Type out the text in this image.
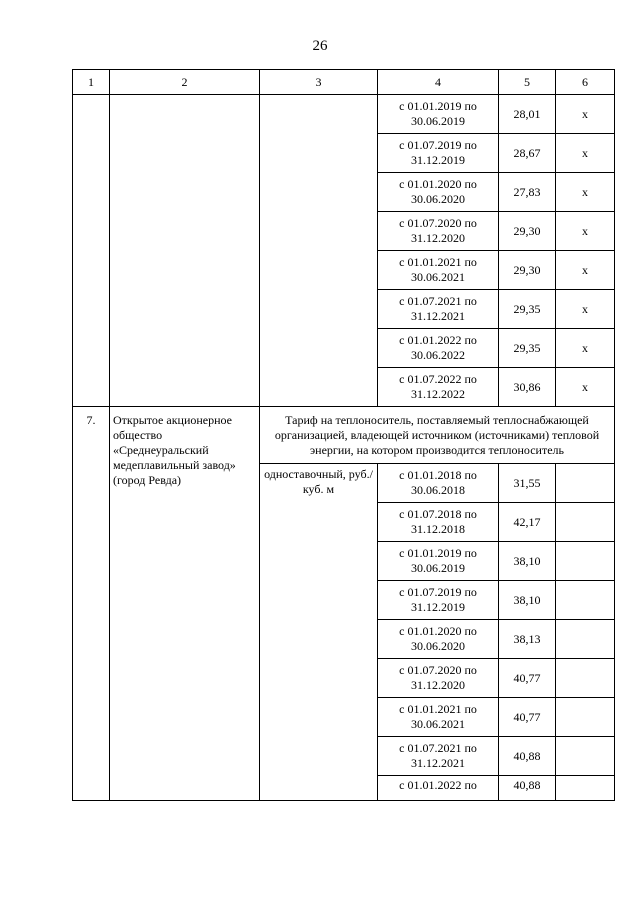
26
1	2	3	4	5	6
			с 01.01.2019 по 30.06.2019	28,01	x
			с 01.07.2019 по 31.12.2019	28,67	x
			с 01.01.2020 по 30.06.2020	27,83	x
			с 01.07.2020 по 31.12.2020	29,30	x
			с 01.01.2021 по 30.06.2021	29,30	x
			с 01.07.2021 по 31.12.2021	29,35	x
			с 01.01.2022 по 30.06.2022	29,35	x
			с 01.07.2022 по 31.12.2022	30,86	x
7.	Открытое акционерное общество «Среднеуральский медеплавильный завод» (город Ревда)	Тариф на теплоноситель, поставляемый теплоснабжающей организацией, владеющей источником (источниками) тепловой энергии, на котором производится теплоноситель			
		одноставочный, руб./куб. м	с 01.01.2018 по 30.06.2018	31,55	
			с 01.07.2018 по 31.12.2018	42,17	
			с 01.01.2019 по 30.06.2019	38,10	
			с 01.07.2019 по 31.12.2019	38,10	
			с 01.01.2020 по 30.06.2020	38,13	
			с 01.07.2020 по 31.12.2020	40,77	
			с 01.01.2021 по 30.06.2021	40,77	
			с 01.07.2021 по 31.12.2021	40,88	
			с 01.01.2022 по	40,88	
